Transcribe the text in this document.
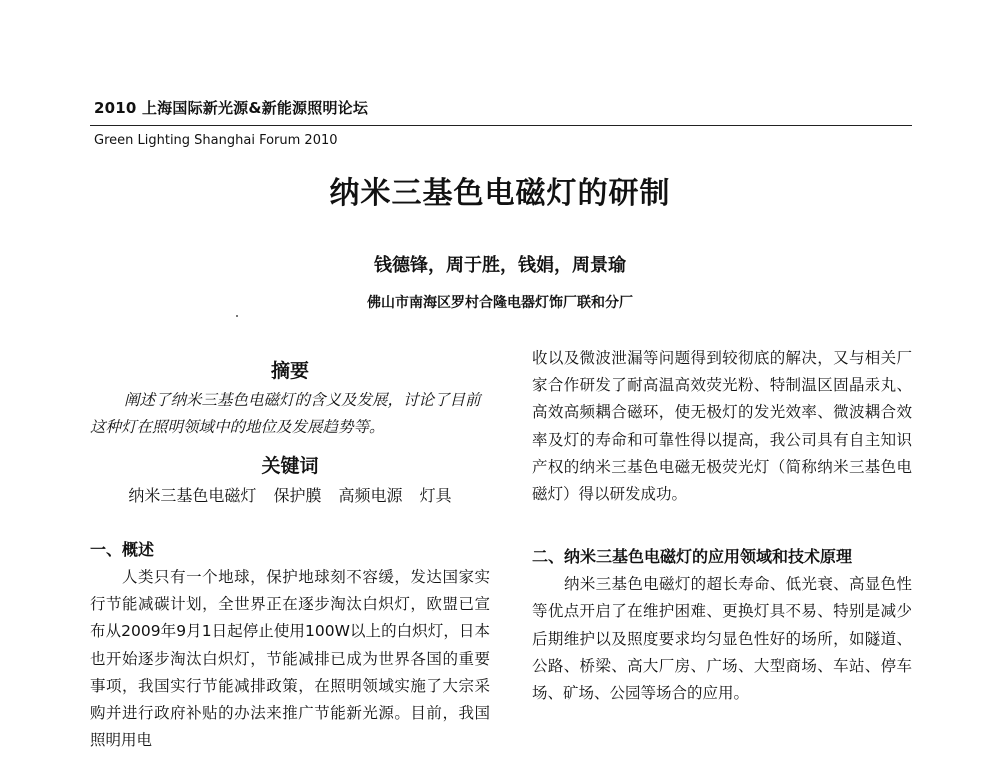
2010 上海国际新光源&新能源照明论坛
Green Lighting Shanghai Forum 2010
纳米三基色电磁灯的研制
钱德锋，周于胜，钱娟，周景瑜
佛山市南海区罗村合隆电器灯饰厂联和分厂

摘要

阐述了纳米三基色电磁灯的含义及发展，讨论了目前这种灯在照明领域中的地位及发展趋势等。

关键词

纳米三基色电磁灯 保护膜 高频电源 灯具

一、概述

人类只有一个地球，保护地球刻不容缓，发达国家实行节能减碳计划，全世界正在逐步淘汰白炽灯，欧盟已宣布从2009年9月1日起停止使用100W以上的白炽灯，日本也开始逐步淘汰白炽灯，节能减排已成为世界各国的重要事项，我国实行节能减排政策，在照明领域实施了大宗采购并进行政府补贴的办法来推广节能新光源。目前，我国照明用电

收以及微波泄漏等问题得到较彻底的解决，又与相关厂家合作研发了耐高温高效荧光粉、特制温区固晶汞丸、高效高频耦合磁环，使无极灯的发光效率、微波耦合效率及灯的寿命和可靠性得以提高，我公司具有自主知识产权的纳米三基色电磁无极荧光灯（简称纳米三基色电磁灯）得以研发成功。

二、纳米三基色电磁灯的应用领域和技术原理

纳米三基色电磁灯的超长寿命、低光衰、高显色性等优点开启了在维护困难、更换灯具不易、特别是减少后期维护以及照度要求均匀显色性好的场所，如隧道、公路、桥梁、高大厂房、广场、大型商场、车站、停车场、矿场、公园等场合的应用。
